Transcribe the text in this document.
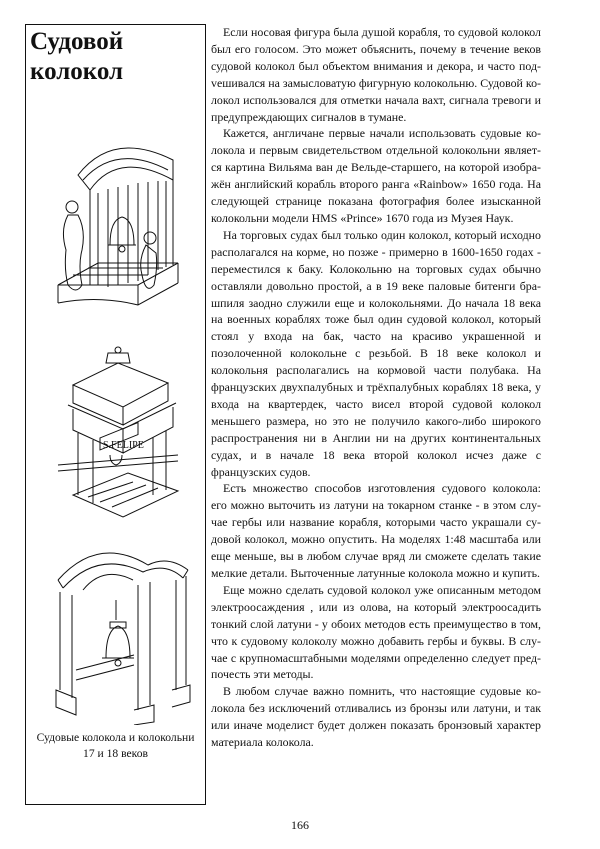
Судовой
колокол
S.FELIPE
Судовые колокола и колокольни
17 и 18 веков

Если носовая фигура была душой корабля, то судовой колокол был его голосом. Это может объяснить, почему в течение веков судовой колокол был объектом внимания и декора, и часто подvешивался на замысловатую фигурную колокольню. Судовой колокол использовался для отметки начала вахт, сигнала тревоги и предупреждающих сигналов в тумане.

Кажется, англичане первые начали использовать судовые колокола и первым свидетельством отдельной колокольни является картина Вильяма ван де Вельде-старшего, на которой изображён английский корабль второго ранга «Rainbow» 1650 года. На следующей странице показана фотография более изысканной колокольни модели HMS «Prince» 1670 года из Музея Наук.

На торговых судах был только один колокол, который исходно располагался на корме, но позже - примерно в 1600-1650 годах - переместился к баку. Колокольню на торговых судах обычно оставляли довольно простой, а в 19 веке паловые битенги брашпиля заодно служили еще и колокольнями. До начала 18 века на военных кораблях тоже был один судовой колокол, который стоял у входа на бак, часто на красиво украшенной и позолоченной колокольне с резьбой. В 18 веке колокол и колокольня располагались на кормовой части полубака. На французских двухпалубных и трёхпалубных кораблях 18 века, у входа на квартердек, часто висел второй судовой колокол меньшего размера, но это не получило какого-либо широкого распространения ни в Англии ни на других континентальных судах, и в начале 18 века второй колокол исчез даже с французских судов.

Есть множество способов изготовления судового колокола: его можно выточить из латуни на токарном станке - в этом случае гербы или название корабля, которыми часто украшали судовой колокол, можно опустить. На моделях 1:48 масштаба или еще меньше, вы в любом случае вряд ли сможете сделать такие мелкие детали. Выточенные латунные колокола можно и купить.

Еще можно сделать судовой колокол уже описанным методом электроосаждения , или из олова, на который электроосадить тонкий слой латуни - у обоих методов есть преимущество в том, что к судовому колоколу можно добавить гербы и буквы. В случае с крупномасштабными моделями определенно следует предпочесть эти методы.

В любом случае важно помнить, что настоящие судовые колокола без исключений отливались из бронзы или латуни, и так или иначе моделист будет должен показать бронзовый характер материала колокола.

166
